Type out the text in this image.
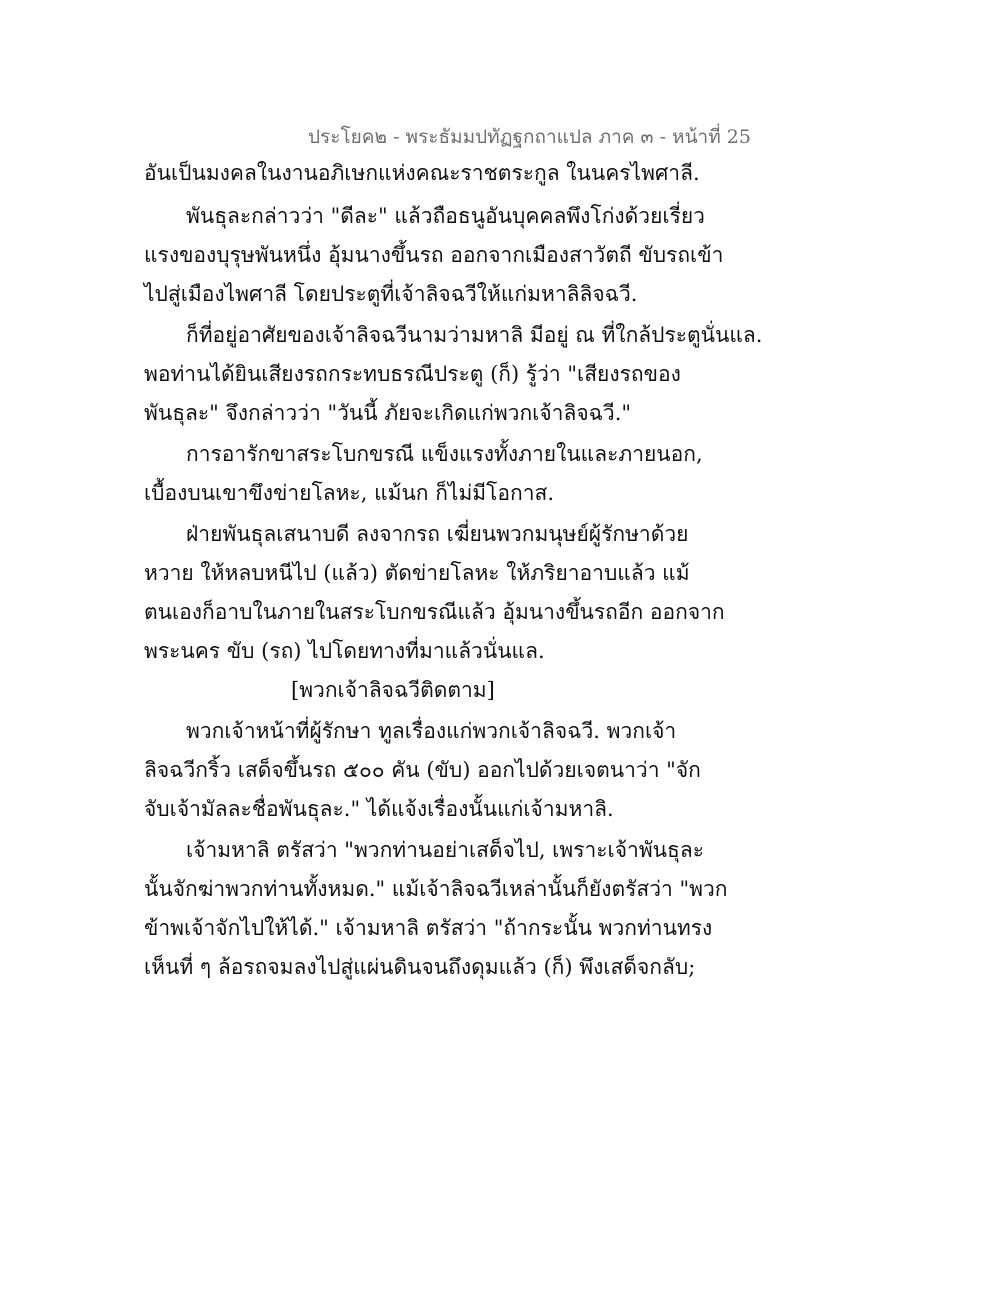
ประโยค๒ - พระธัมมปทัฏฐกถาแปล ภาค ๓ - หน้าที่ 25
อันเป็นมงคลในงานอภิเษกแห่งคณะราชตระกูล ในนครไพศาลี.
พันธุละกล่าวว่า "ดีละ" แล้วถือธนูอันบุคคลพึงโก่งด้วยเรี่ยว
แรงของบุรุษพันหนึ่ง อุ้มนางขึ้นรถ ออกจากเมืองสาวัตถี ขับรถเข้า
ไปสู่เมืองไพศาลี โดยประตูที่เจ้าลิจฉวีให้แก่มหาลิลิจฉวี.
ก็ที่อยู่อาศัยของเจ้าลิจฉวีนามว่ามหาลิ มีอยู่ ณ ที่ใกล้ประตูนั่นแล.
พอท่านได้ยินเสียงรถกระทบธรณีประตู (ก็) รู้ว่า "เสียงรถของ
พันธุละ" จึงกล่าวว่า "วันนี้ ภัยจะเกิดแก่พวกเจ้าลิจฉวี."
การอารักขาสระโบกขรณี แข็งแรงทั้งภายในและภายนอก,
เบื้องบนเขาขึงข่ายโลหะ, แม้นก ก็ไม่มีโอกาส.
ฝ่ายพันธุลเสนาบดี ลงจากรถ เฆี่ยนพวกมนุษย์ผู้รักษาด้วย
หวาย ให้หลบหนีไป (แล้ว) ตัดข่ายโลหะ ให้ภริยาอาบแล้ว แม้
ตนเองก็อาบในภายในสระโบกขรณีแล้ว อุ้มนางขึ้นรถอีก ออกจาก
พระนคร ขับ (รถ) ไปโดยทางที่มาแล้วนั่นแล.
[พวกเจ้าลิจฉวีติดตาม]
พวกเจ้าหน้าที่ผู้รักษา ทูลเรื่องแก่พวกเจ้าลิจฉวี. พวกเจ้า
ลิจฉวีกริ้ว เสด็จขึ้นรถ ๕๐๐ คัน (ขับ) ออกไปด้วยเจตนาว่า "จัก
จับเจ้ามัลละชื่อพันธุละ." ได้แจ้งเรื่องนั้นแก่เจ้ามหาลิ.
เจ้ามหาลิ ตรัสว่า "พวกท่านอย่าเสด็จไป, เพราะเจ้าพันธุละ
นั้นจักฆ่าพวกท่านทั้งหมด." แม้เจ้าลิจฉวีเหล่านั้นก็ยังตรัสว่า "พวก
ข้าพเจ้าจักไปให้ได้." เจ้ามหาลิ ตรัสว่า "ถ้ากระนั้น พวกท่านทรง
เห็นที่ ๆ ล้อรถจมลงไปสู่แผ่นดินจนถึงดุมแล้ว (ก็) พึงเสด็จกลับ;
